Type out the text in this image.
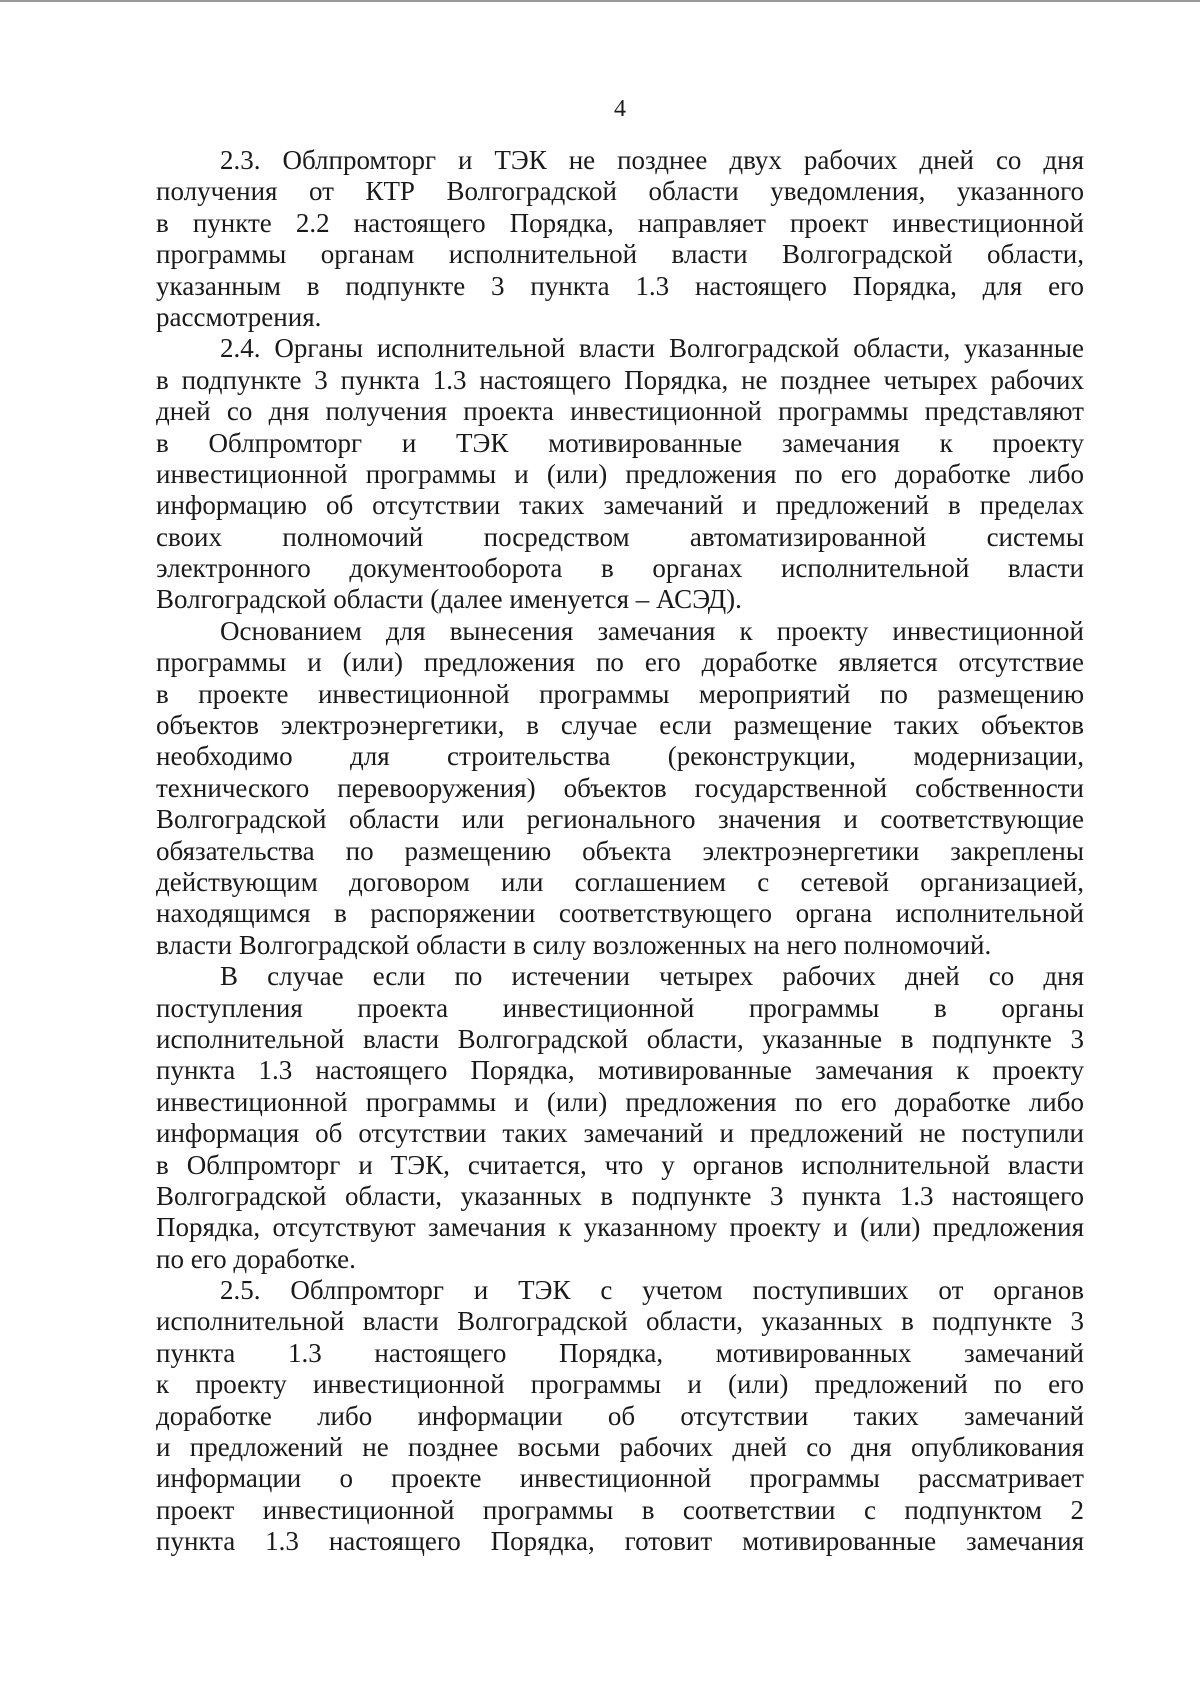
4
2.3. Облпромторг и ТЭК не позднее двух рабочих дней со дня
получения от КТР Волгоградской области уведомления, указанного
в пункте 2.2 настоящего Порядка, направляет проект инвестиционной
программы органам исполнительной власти Волгоградской области,
указанным в подпункте 3 пункта 1.3 настоящего Порядка, для его
рассмотрения.
2.4. Органы исполнительной власти Волгоградской области, указанные
в подпункте 3 пункта 1.3 настоящего Порядка, не позднее четырех рабочих
дней со дня получения проекта инвестиционной программы представляют
в Облпромторг и ТЭК мотивированные замечания к проекту
инвестиционной программы и (или) предложения по его доработке либо
информацию об отсутствии таких замечаний и предложений в пределах
своих полномочий посредством автоматизированной системы
электронного документооборота в органах исполнительной власти
Волгоградской области (далее именуется – АСЭД).
Основанием для вынесения замечания к проекту инвестиционной
программы и (или) предложения по его доработке является отсутствие
в проекте инвестиционной программы мероприятий по размещению
объектов электроэнергетики, в случае если размещение таких объектов
необходимо для строительства (реконструкции, модернизации,
технического перевооружения) объектов государственной собственности
Волгоградской области или регионального значения и соответствующие
обязательства по размещению объекта электроэнергетики закреплены
действующим договором или соглашением с сетевой организацией,
находящимся в распоряжении соответствующего органа исполнительной
власти Волгоградской области в силу возложенных на него полномочий.
В случае если по истечении четырех рабочих дней со дня
поступления проекта инвестиционной программы в органы
исполнительной власти Волгоградской области, указанные в подпункте 3
пункта 1.3 настоящего Порядка, мотивированные замечания к проекту
инвестиционной программы и (или) предложения по его доработке либо
информация об отсутствии таких замечаний и предложений не поступили
в Облпромторг и ТЭК, считается, что у органов исполнительной власти
Волгоградской области, указанных в подпункте 3 пункта 1.3 настоящего
Порядка, отсутствуют замечания к указанному проекту и (или) предложения
по его доработке.
2.5. Облпромторг и ТЭК с учетом поступивших от органов
исполнительной власти Волгоградской области, указанных в подпункте 3
пункта 1.3 настоящего Порядка, мотивированных замечаний
к проекту инвестиционной программы и (или) предложений по его
доработке либо информации об отсутствии таких замечаний
и предложений не позднее восьми рабочих дней со дня опубликования
информации о проекте инвестиционной программы рассматривает
проект инвестиционной программы в соответствии с подпунктом 2
пункта 1.3 настоящего Порядка, готовит мотивированные замечания
